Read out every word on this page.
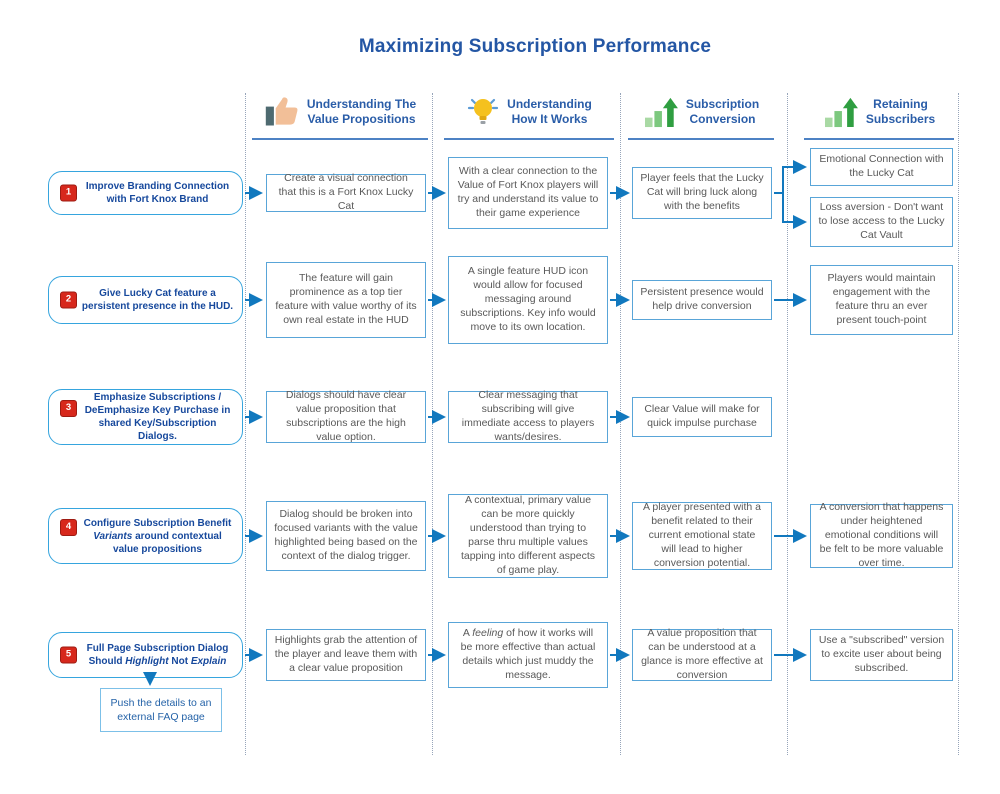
Maximizing Subscription Performance
Understanding The
Value Propositions
Understanding
How It Works
Subscription
Conversion
Retaining
Subscribers
1
Improve Branding Connection with Fort Knox Brand
Create a visual connection that this is a Fort Knox Lucky Cat
With a clear connection to the Value of Fort Knox players will try and understand its value to their game experience
Player feels that the Lucky Cat will bring luck along with the benefits
Emotional Connection with the Lucky Cat
Loss aversion - Don't want to lose access to the Lucky Cat Vault
2
Give Lucky Cat feature a persistent presence in the HUD.
The feature will gain prominence as a top tier feature with value worthy of its own real estate in the HUD
A single feature HUD icon would allow for focused messaging around subscriptions. Key info would move to its own location.
Persistent presence would help drive conversion
Players would maintain engagement with the feature thru an ever present touch-point
3
Emphasize Subscriptions / DeEmphasize Key Purchase in shared Key/Subscription Dialogs.
Dialogs should have clear value proposition that subscriptions are the high value option.
Clear messaging that subscribing will give immediate access to players wants/desires.
Clear Value will make for quick impulse purchase
4	Configure Subscription Benefit Variants around contextual value propositions
Dialog should be broken into focused variants with the value highlighted being based on the context of the dialog trigger.
A contextual, primary value can be more quickly understood than trying to parse thru multiple values tapping into different aspects of game play.
A player presented with a benefit related to their current emotional state will lead to higher conversion potential.
A conversion that happens under heightened emotional conditions will be felt to be more valuable over time.
5
Full Page Subscription Dialog Should Highlight Not Explain
Highlights grab the attention of the player and leave them with a clear value proposition
A feeling of how it works will be more effective than actual details which just muddy the message.
A value proposition that can be understood at a glance is more effective at conversion
Use a "subscribed" version to excite user about being subscribed.
Push the details to an external FAQ page
